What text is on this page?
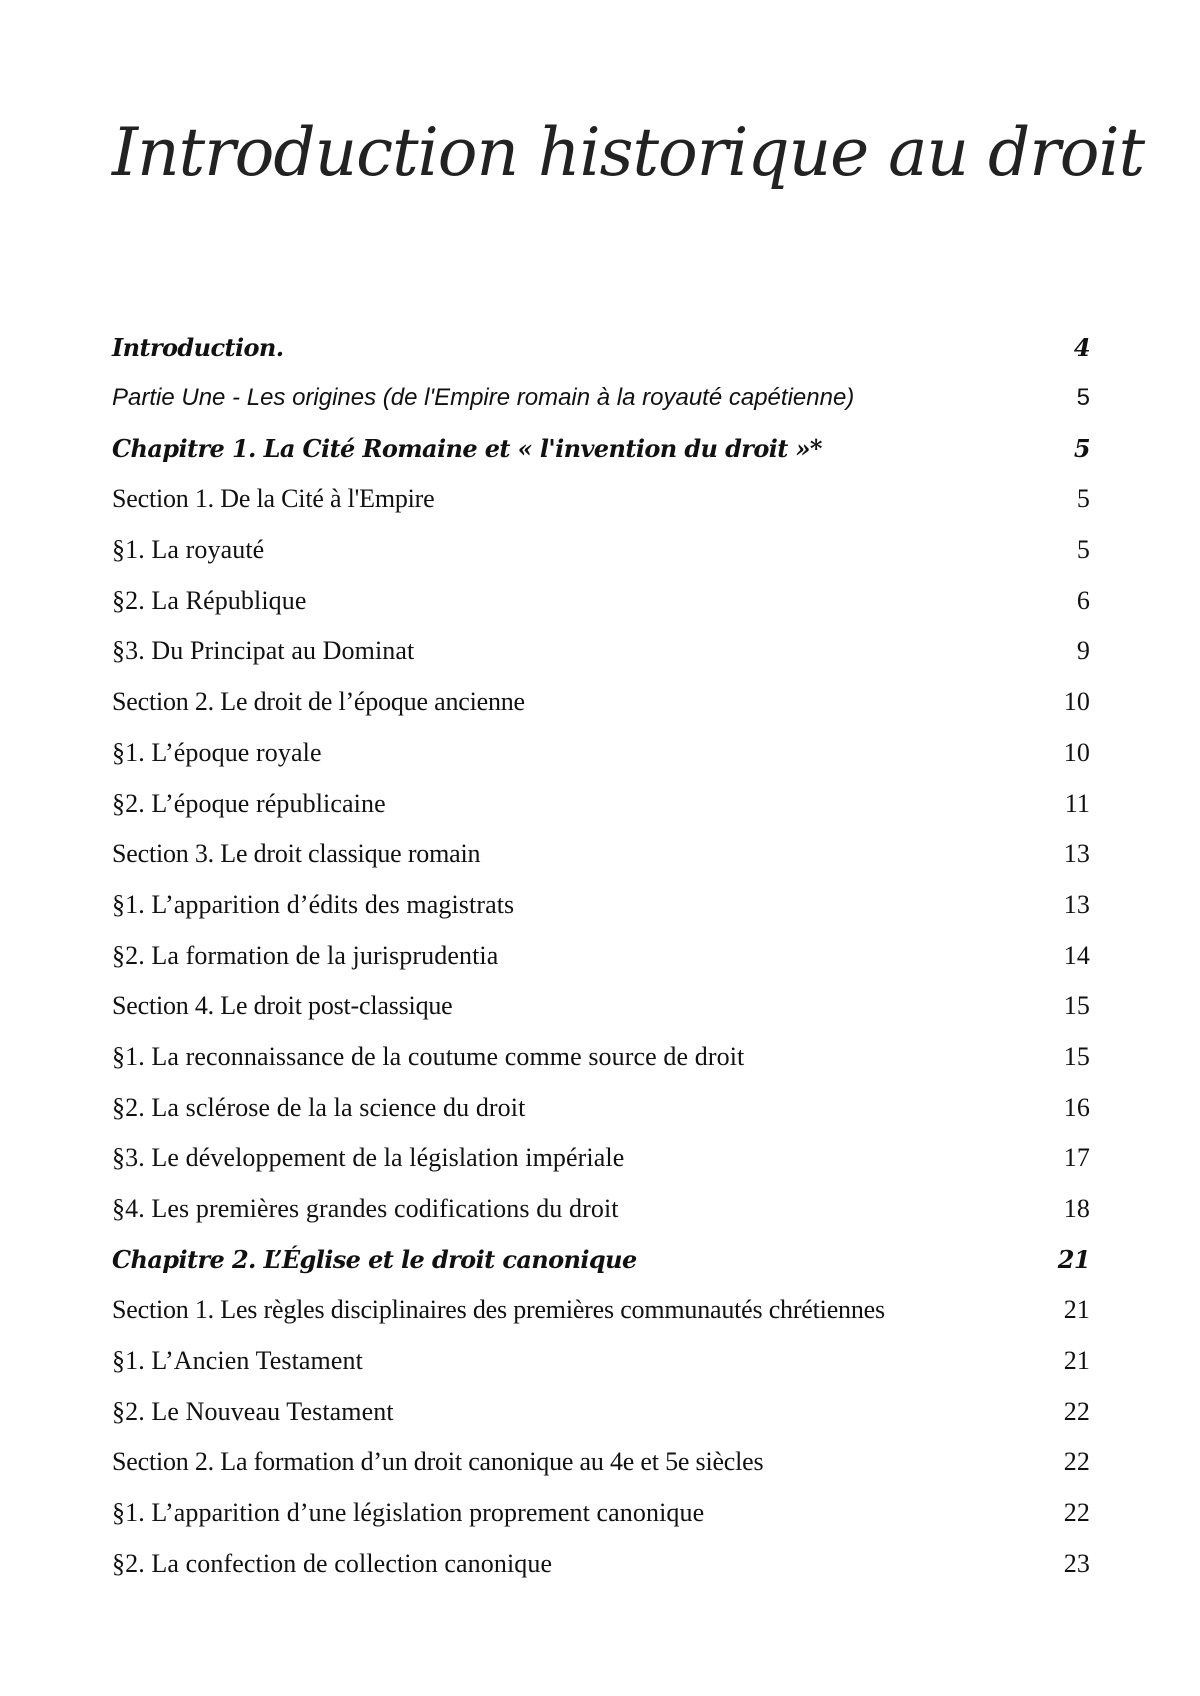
Introduction historique au droit
Introduction.	4
Partie Une - Les origines (de l'Empire romain à la royauté capétienne)	5
Chapitre 1. La Cité Romaine et « l'invention du droit »*	5
Section 1. De la Cité à l'Empire	5
§1. La royauté	5
§2. La République	6
§3. Du Principat au Dominat	9
Section 2. Le droit de l’époque ancienne	10
§1. L’époque royale	10
§2. L’époque républicaine	11
Section 3. Le droit classique romain	13
§1. L’apparition d’édits des magistrats	13
§2. La formation de la jurisprudentia	14
Section 4. Le droit post-classique	15
§1. La reconnaissance de la coutume comme source de droit	15
§2. La sclérose de la la science du droit	16
§3. Le développement de la législation impériale	17
§4. Les premières grandes codifications du droit	18
Chapitre 2. L’Église et le droit canonique	21
Section 1. Les règles disciplinaires des premières communautés chrétiennes	21
§1. L’Ancien Testament	21
§2. Le Nouveau Testament	22
Section 2. La formation d’un droit canonique au 4e et 5e siècles	22
§1. L’apparition d’une législation proprement canonique	22
§2. La confection de collection canonique	23
